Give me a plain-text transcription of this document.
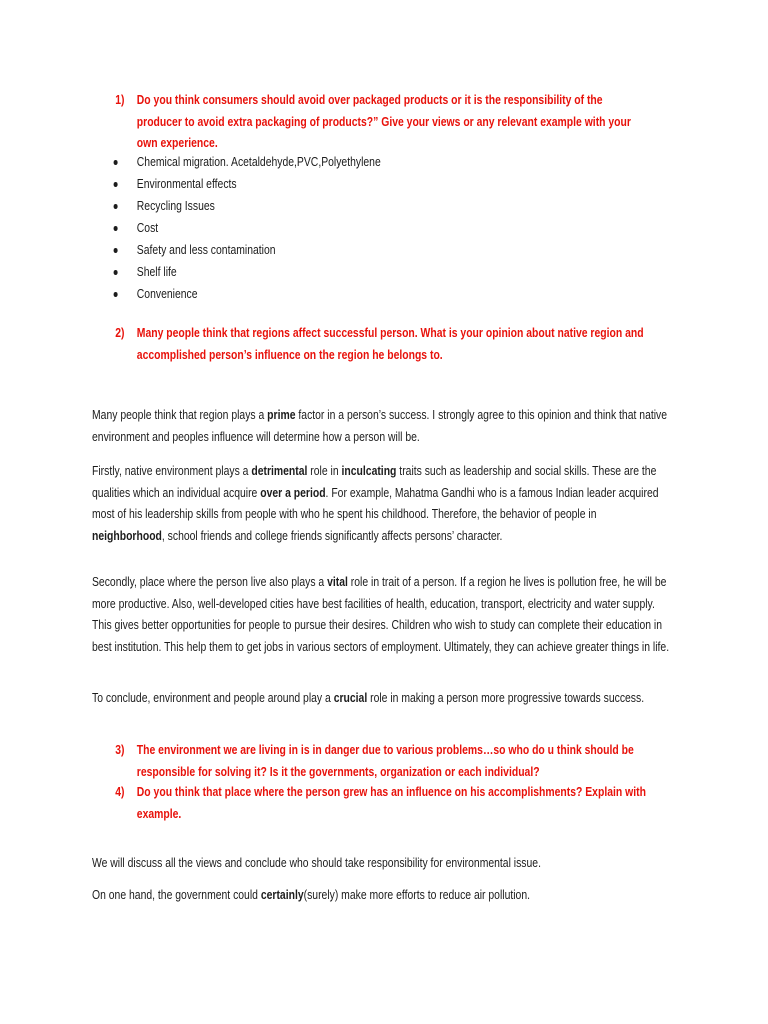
1) Do you think consumers should avoid over packaged products or it is the responsibility of the producer to avoid extra packaging of products?” Give your views or any relevant example with your own experience.
Chemical migration. Acetaldehyde,PVC,Polyethylene
Environmental effects
Recycling Issues
Cost
Safety and less contamination
Shelf life
Convenience
2) Many people think that regions affect successful person. What is your opinion about native region and accomplished person’s influence on the region he belongs to.

Many people think that region plays a prime factor in a person’s success. I strongly agree to this opinion and think that native environment and peoples influence will determine how a person will be.

Firstly, native environment plays a detrimental role in inculcating traits such as leadership and social skills. These are the qualities which an individual acquire over a period. For example, Mahatma Gandhi who is a famous Indian leader acquired most of his leadership skills from people with who he spent his childhood. Therefore, the behavior of people in neighborhood, school friends and college friends significantly affects persons’ character.

Secondly, place where the person live also plays a vital role in trait of a person. If a region he lives is pollution free, he will be more productive. Also, well-developed cities have best facilities of health, education, transport, electricity and water supply. This gives better opportunities for people to pursue their desires. Children who wish to study can complete their education in best institution. This help them to get jobs in various sectors of employment. Ultimately, they can achieve greater things in life.

To conclude, environment and people around play a crucial role in making a person more progressive towards success.

3) The environment we are living in is in danger due to various problems…so who do u think should be responsible for solving it? Is it the governments, organization or each individual?
4) Do you think that place where the person grew has an influence on his accomplishments? Explain with example.

We will discuss all the views and conclude who should take responsibility for environmental issue.

On one hand, the government could certainly(surely) make more efforts to reduce air pollution.
